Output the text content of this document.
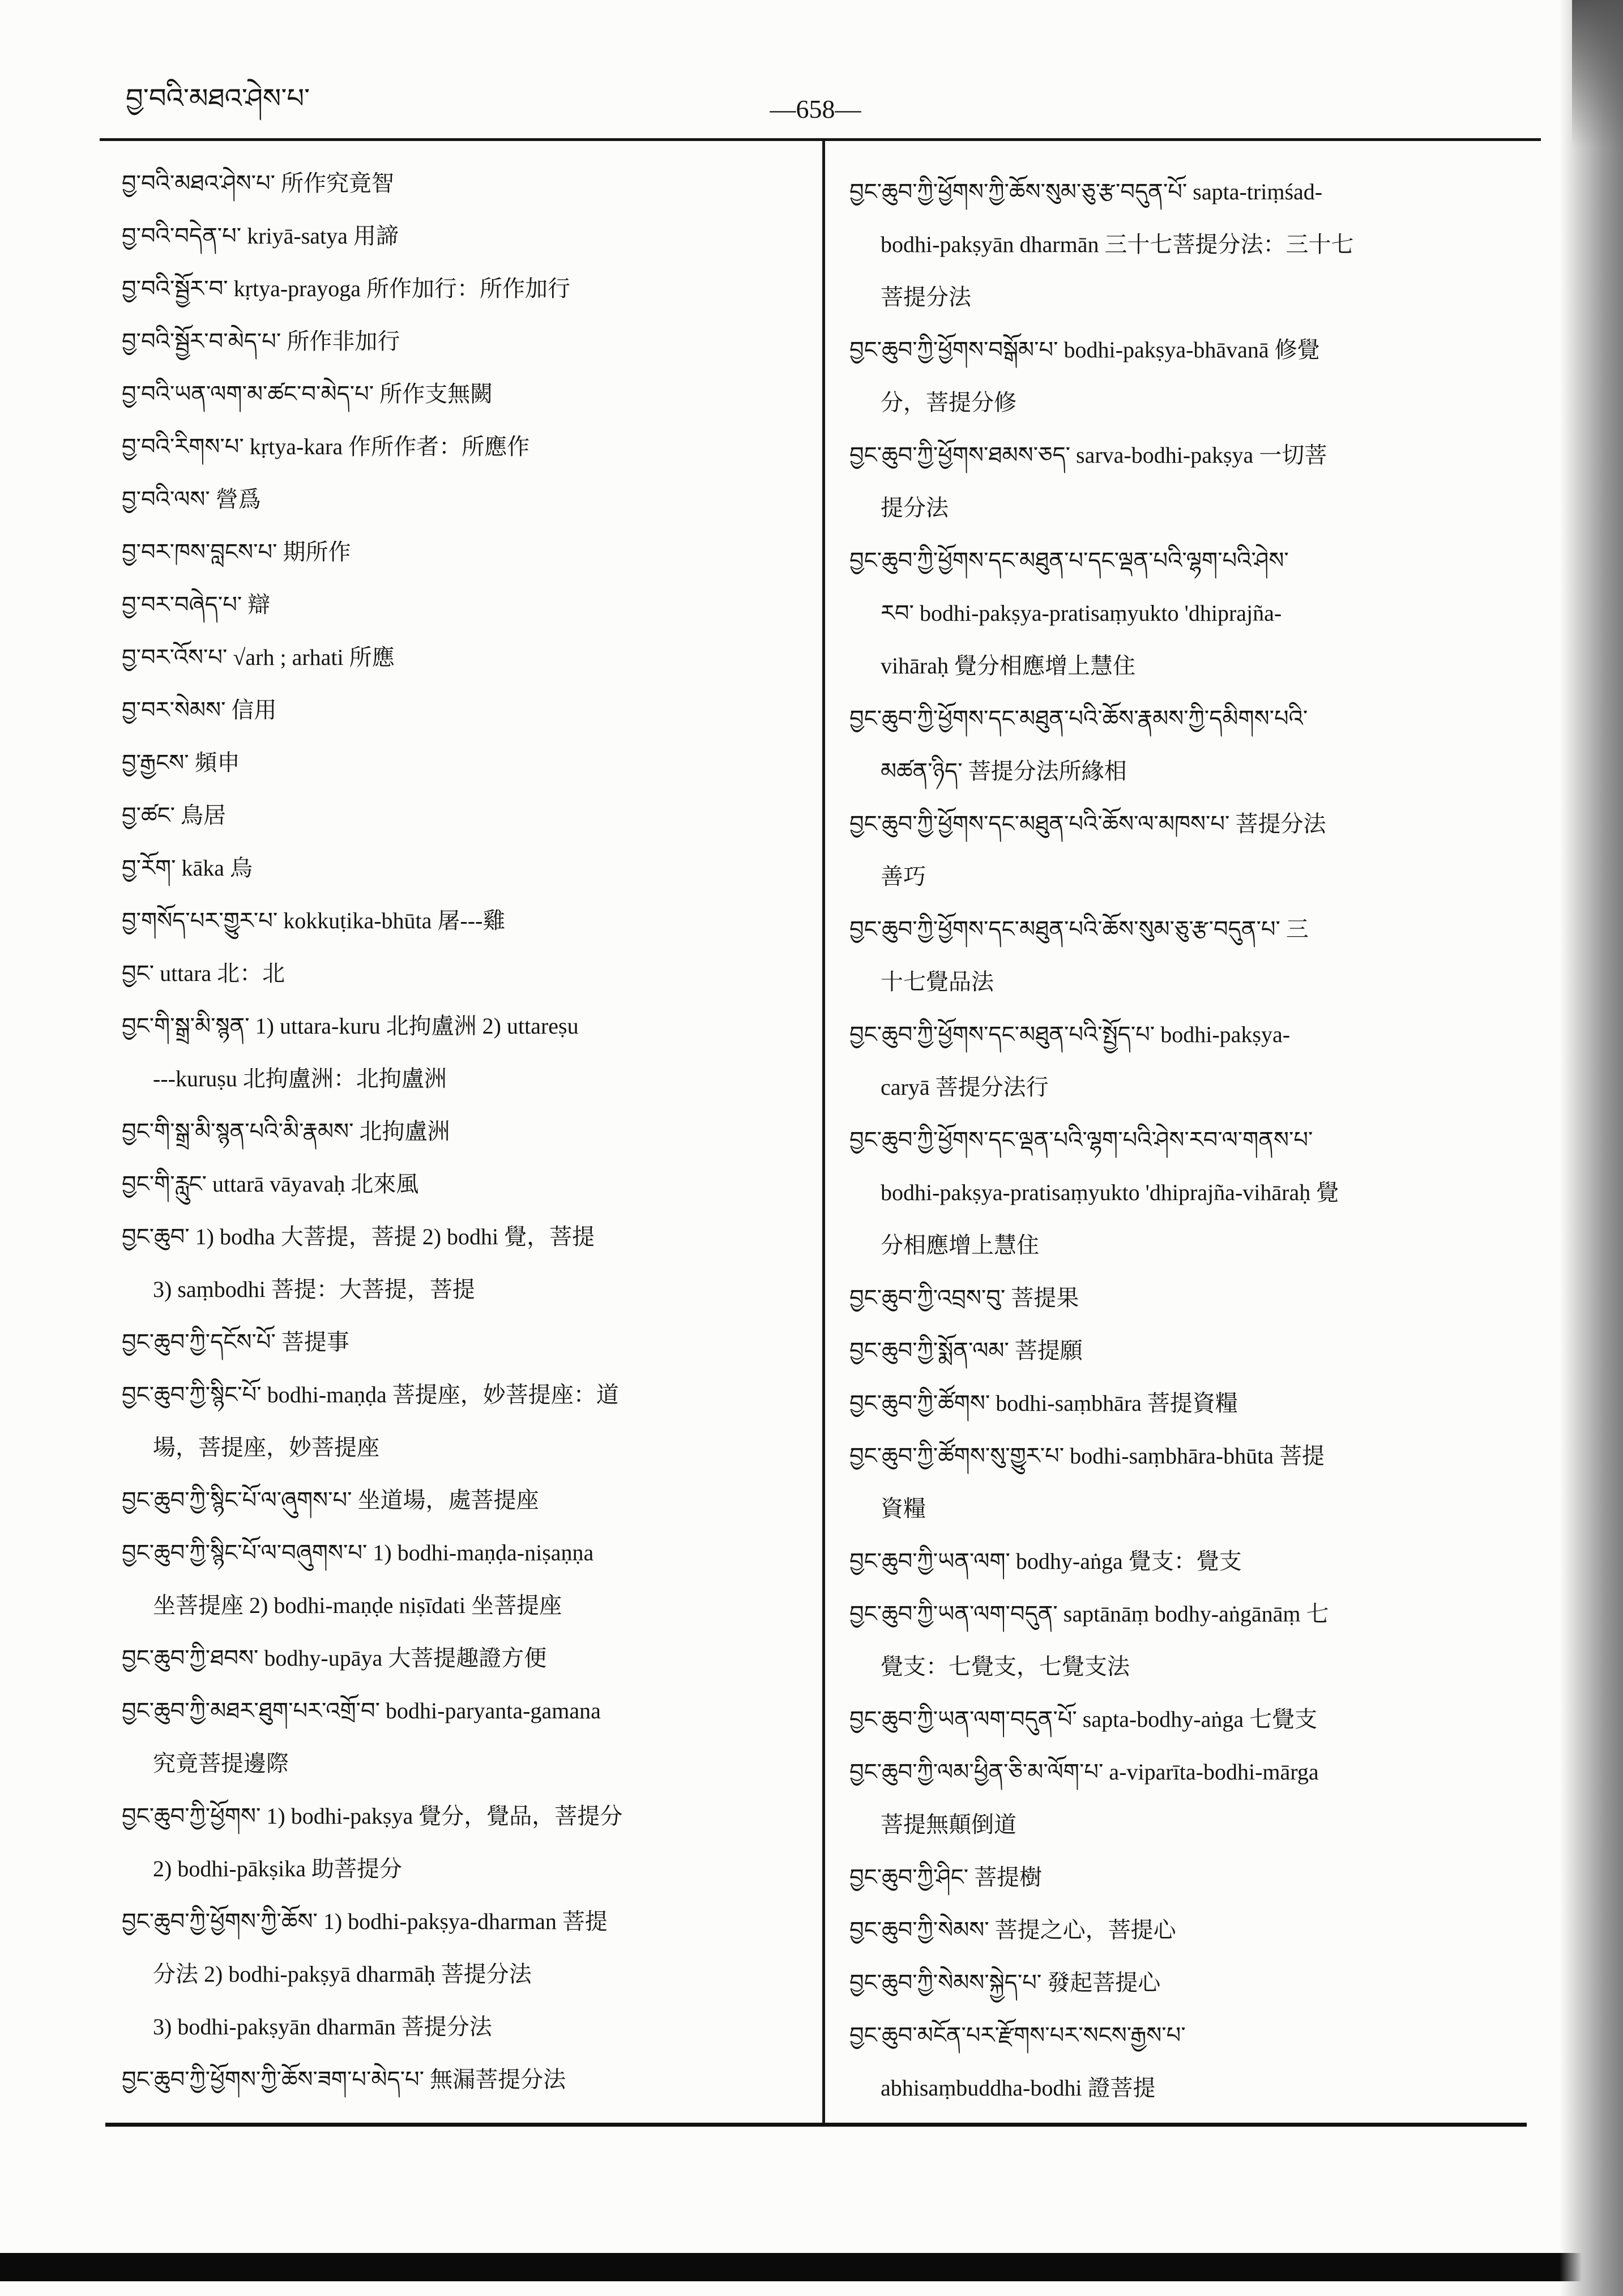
བྱ་བའི་མཐའ་ཤེས་པ་	—658—
བྱ་བའི་མཐའ་ཤེས་པ་ 所作究竟智
བྱ་བའི་བདེན་པ་ kriyā-satya 用諦
བྱ་བའི་སྦྱོར་བ་ kṛtya-prayoga 所作加行：所作加行
བྱ་བའི་སྦྱོར་བ་མེད་པ་ 所作非加行
བྱ་བའི་ཡན་ལག་མ་ཚང་བ་མེད་པ་ 所作支無闕
བྱ་བའི་རིགས་པ་ kṛtya-kara 作所作者：所應作
བྱ་བའི་ལས་ 營爲
བྱ་བར་ཁས་བླངས་པ་ 期所作
བྱ་བར་བཞེད་པ་ 辯
བྱ་བར་འོས་པ་ √arh ; arhati 所應
བྱ་བར་སེམས་ 信用
བྱ་རྒྱངས་ 頻申
བྱ་ཚང་ 鳥居
བྱ་རོག་ kāka 烏
བྱ་གསོད་པར་གྱུར་པ་ kokkuṭika-bhūta 屠---雞
བྱང་ uttara 北：北
བྱང་གི་སྒྲ་མི་སྙན་ 1) uttara-kuru 北拘盧洲 2) uttareṣu
---kuruṣu 北拘盧洲：北拘盧洲
བྱང་གི་སྒྲ་མི་སྙན་པའི་མི་རྣམས་ 北拘盧洲
བྱང་གི་རླུང་ uttarā vāyavaḥ 北來風
བྱང་ཆུབ་ 1) bodha 大菩提，菩提 2) bodhi 覺，菩提
3) saṃbodhi 菩提：大菩提，菩提
བྱང་ཆུབ་ཀྱི་དངོས་པོ་ 菩提事
བྱང་ཆུབ་ཀྱི་སྙིང་པོ་ bodhi-maṇḍa 菩提座，妙菩提座：道
場，菩提座，妙菩提座
བྱང་ཆུབ་ཀྱི་སྙིང་པོ་ལ་ཞུགས་པ་ 坐道場，處菩提座
བྱང་ཆུབ་ཀྱི་སྙིང་པོ་ལ་བཞུགས་པ་ 1) bodhi-maṇḍa-niṣaṇṇa
坐菩提座 2) bodhi-maṇḍe niṣīdati 坐菩提座
བྱང་ཆུབ་ཀྱི་ཐབས་ bodhy-upāya 大菩提趣證方便
བྱང་ཆུབ་ཀྱི་མཐར་ཐུག་པར་འགྲོ་བ་ bodhi-paryanta-gamana
究竟菩提邊際
བྱང་ཆུབ་ཀྱི་ཕྱོགས་ 1) bodhi-pakṣya 覺分，覺品，菩提分
2) bodhi-pākṣika 助菩提分
བྱང་ཆུབ་ཀྱི་ཕྱོགས་ཀྱི་ཆོས་ 1) bodhi-pakṣya-dharman 菩提
分法 2) bodhi-pakṣyā dharmāḥ 菩提分法
3) bodhi-pakṣyān dharmān 菩提分法
བྱང་ཆུབ་ཀྱི་ཕྱོགས་ཀྱི་ཆོས་ཟག་པ་མེད་པ་ 無漏菩提分法
བྱང་ཆུབ་ཀྱི་ཕྱོགས་ཀྱི་ཆོས་སུམ་ཅུ་རྩ་བདུན་པོ་ sapta-triṃśad-
bodhi-pakṣyān dharmān 三十七菩提分法：三十七
菩提分法
བྱང་ཆུབ་ཀྱི་ཕྱོགས་བསྒོམ་པ་ bodhi-pakṣya-bhāvanā 修覺
分，菩提分修
བྱང་ཆུབ་ཀྱི་ཕྱོགས་ཐམས་ཅད་ sarva-bodhi-pakṣya 一切菩
提分法
བྱང་ཆུབ་ཀྱི་ཕྱོགས་དང་མཐུན་པ་དང་ལྡན་པའི་ལྷག་པའི་ཤེས་
རབ་ bodhi-pakṣya-pratisaṃyukto 'dhiprajña-
vihāraḥ 覺分相應增上慧住
བྱང་ཆུབ་ཀྱི་ཕྱོགས་དང་མཐུན་པའི་ཆོས་རྣམས་ཀྱི་དམིགས་པའི་
མཚན་ཉིད་ 菩提分法所緣相
བྱང་ཆུབ་ཀྱི་ཕྱོགས་དང་མཐུན་པའི་ཆོས་ལ་མཁས་པ་ 菩提分法
善巧
བྱང་ཆུབ་ཀྱི་ཕྱོགས་དང་མཐུན་པའི་ཆོས་སུམ་ཅུ་རྩ་བདུན་པ་ 三
十七覺品法
བྱང་ཆུབ་ཀྱི་ཕྱོགས་དང་མཐུན་པའི་སྤྱོད་པ་ bodhi-pakṣya-
caryā 菩提分法行
བྱང་ཆུབ་ཀྱི་ཕྱོགས་དང་ལྡན་པའི་ལྷག་པའི་ཤེས་རབ་ལ་གནས་པ་
bodhi-pakṣya-pratisaṃyukto 'dhiprajña-vihāraḥ 覺
分相應增上慧住
བྱང་ཆུབ་ཀྱི་འབྲས་བུ་ 菩提果
བྱང་ཆུབ་ཀྱི་སྨོན་ལམ་ 菩提願
བྱང་ཆུབ་ཀྱི་ཚོགས་ bodhi-saṃbhāra 菩提資糧
བྱང་ཆུབ་ཀྱི་ཚོགས་སུ་གྱུར་པ་ bodhi-saṃbhāra-bhūta 菩提
資糧
བྱང་ཆུབ་ཀྱི་ཡན་ལག་ bodhy-aṅga 覺支：覺支
བྱང་ཆུབ་ཀྱི་ཡན་ལག་བདུན་ saptānāṃ bodhy-aṅgānāṃ 七
覺支：七覺支，七覺支法
བྱང་ཆུབ་ཀྱི་ཡན་ལག་བདུན་པོ་ sapta-bodhy-aṅga 七覺支
བྱང་ཆུབ་ཀྱི་ལམ་ཕྱིན་ཅི་མ་ལོག་པ་ a-viparīta-bodhi-mārga
菩提無顛倒道
བྱང་ཆུབ་ཀྱི་ཤིང་ 菩提樹
བྱང་ཆུབ་ཀྱི་སེམས་ 菩提之心，菩提心
བྱང་ཆུབ་ཀྱི་སེམས་སྐྱེད་པ་ 發起菩提心
བྱང་ཆུབ་མངོན་པར་རྫོགས་པར་སངས་རྒྱས་པ་
abhisaṃbuddha-bodhi 證菩提
